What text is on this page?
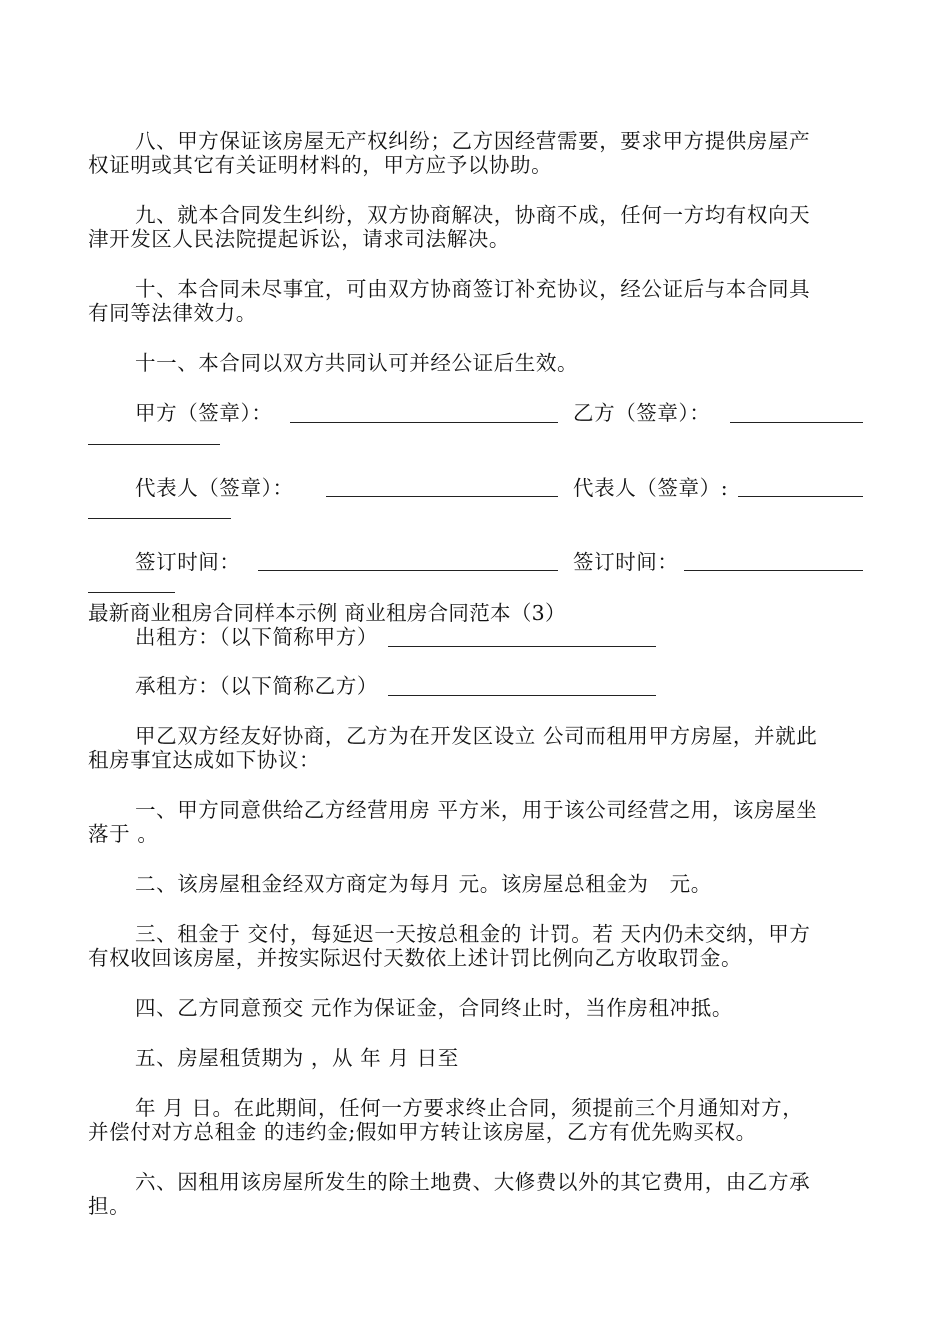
八、甲方保证该房屋无产权纠纷；乙方因经营需要，要求甲方提供房屋产
权证明或其它有关证明材料的，甲方应予以协助。
九、就本合同发生纠纷，双方协商解决，协商不成，任何一方均有权向天
津开发区人民法院提起诉讼，请求司法解决。
十、本合同未尽事宜，可由双方协商签订补充协议，经公证后与本合同具
有同等法律效力。
十一、本合同以双方共同认可并经公证后生效。
甲方（签章）：	乙方（签章）：
代表人（签章）：	代表人（签章）:
签订时间：	签订时间：
最新商业租房合同样本示例 商业租房合同范本（3）
出租方：（以下简称甲方）
承租方：（以下简称乙方）
甲乙双方经友好协商，乙方为在开发区设立 公司而租用甲方房屋，并就此
租房事宜达成如下协议：
一、甲方同意供给乙方经营用房 平方米，用于该公司经营之用，该房屋坐
落于 。
二、该房屋租金经双方商定为每月 元。该房屋总租金为　元。
三、租金于 交付，每延迟一天按总租金的 计罚。若 天内仍未交纳，甲方
有权收回该房屋，并按实际迟付天数依上述计罚比例向乙方收取罚金。
四、乙方同意预交 元作为保证金，合同终止时，当作房租冲抵。
五、房屋租赁期为 ，从 年 月 日至
年 月 日。在此期间，任何一方要求终止合同，须提前三个月通知对方，
并偿付对方总租金 的违约金;假如甲方转让该房屋，乙方有优先购买权。
六、因租用该房屋所发生的除土地费、大修费以外的其它费用，由乙方承
担。
